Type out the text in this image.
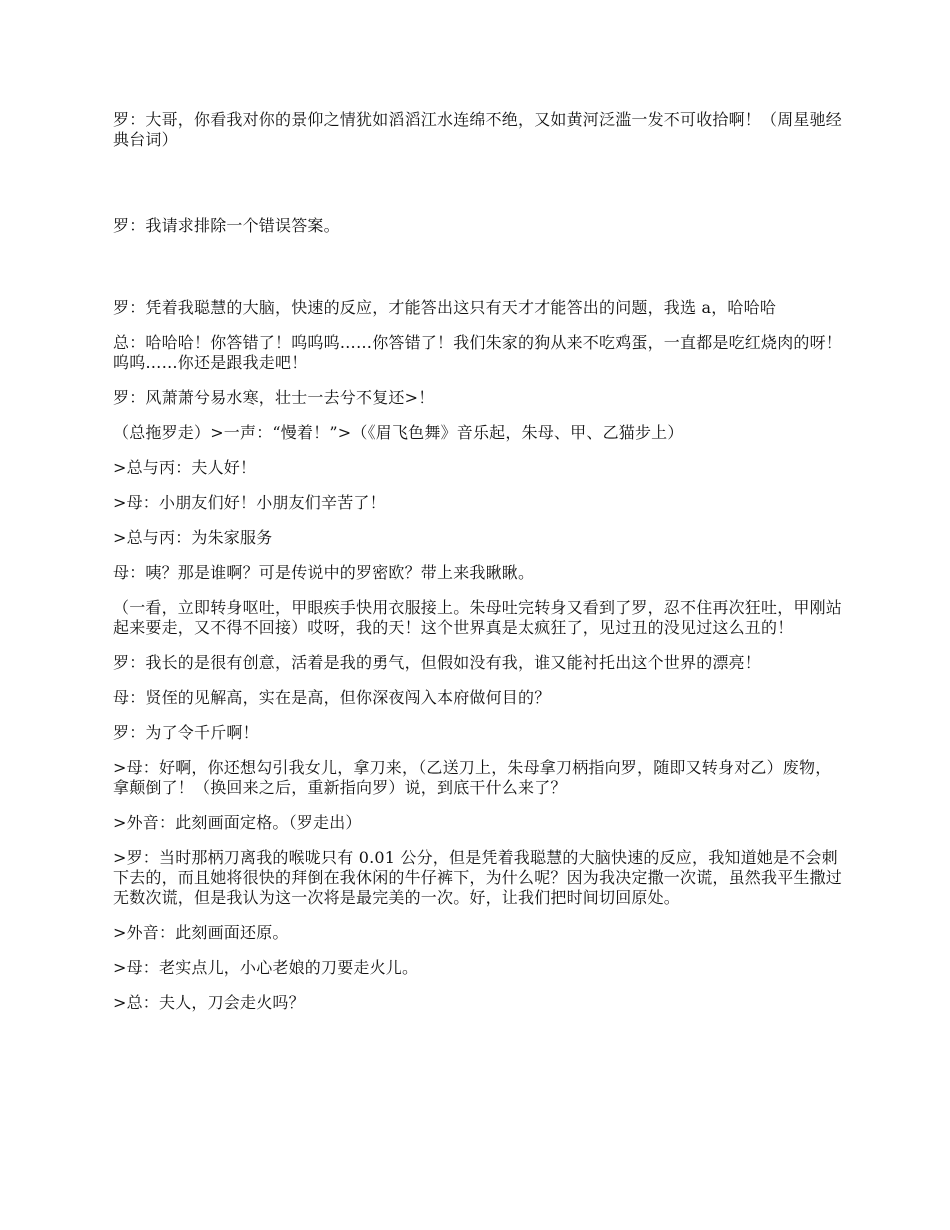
罗：大哥，你看我对你的景仰之情犹如滔滔江水连绵不绝，又如黄河泛滥一发不可收拾啊！（周星驰经典台词）

罗：我请求排除一个错误答案。

罗：凭着我聪慧的大脑，快速的反应，才能答出这只有天才才能答出的问题，我选 a，哈哈哈

总：哈哈哈！你答错了！呜呜呜……你答错了！我们朱家的狗从来不吃鸡蛋，一直都是吃红烧肉的呀！呜呜……你还是跟我走吧！

罗：风萧萧兮易水寒，壮士一去兮不复还>！

（总拖罗走）>一声：“慢着！”>（《眉飞色舞》音乐起，朱母、甲、乙猫步上）

>总与丙：夫人好！

>母：小朋友们好！小朋友们辛苦了！

>总与丙：为朱家服务

母：咦？那是谁啊？可是传说中的罗密欧？带上来我瞅瞅。

（一看，立即转身呕吐，甲眼疾手快用衣服接上。朱母吐完转身又看到了罗，忍不住再次狂吐，甲刚站起来要走，又不得不回接）哎呀，我的天！这个世界真是太疯狂了，见过丑的没见过这么丑的！

罗：我长的是很有创意，活着是我的勇气，但假如没有我，谁又能衬托出这个世界的漂亮！

母：贤侄的见解高，实在是高，但你深夜闯入本府做何目的？

罗：为了令千斤啊！

>母：好啊，你还想勾引我女儿，拿刀来，（乙送刀上，朱母拿刀柄指向罗，随即又转身对乙）废物，拿颠倒了！（换回来之后，重新指向罗）说，到底干什么来了？

>外音：此刻画面定格。（罗走出）

>罗：当时那柄刀离我的喉咙只有 0.01 公分，但是凭着我聪慧的大脑快速的反应，我知道她是不会刺下去的，而且她将很快的拜倒在我休闲的牛仔裤下，为什么呢？因为我决定撒一次谎，虽然我平生撒过无数次谎，但是我认为这一次将是最完美的一次。好，让我们把时间切回原处。

>外音：此刻画面还原。

>母：老实点儿，小心老娘的刀要走火儿。

>总：夫人，刀会走火吗？
